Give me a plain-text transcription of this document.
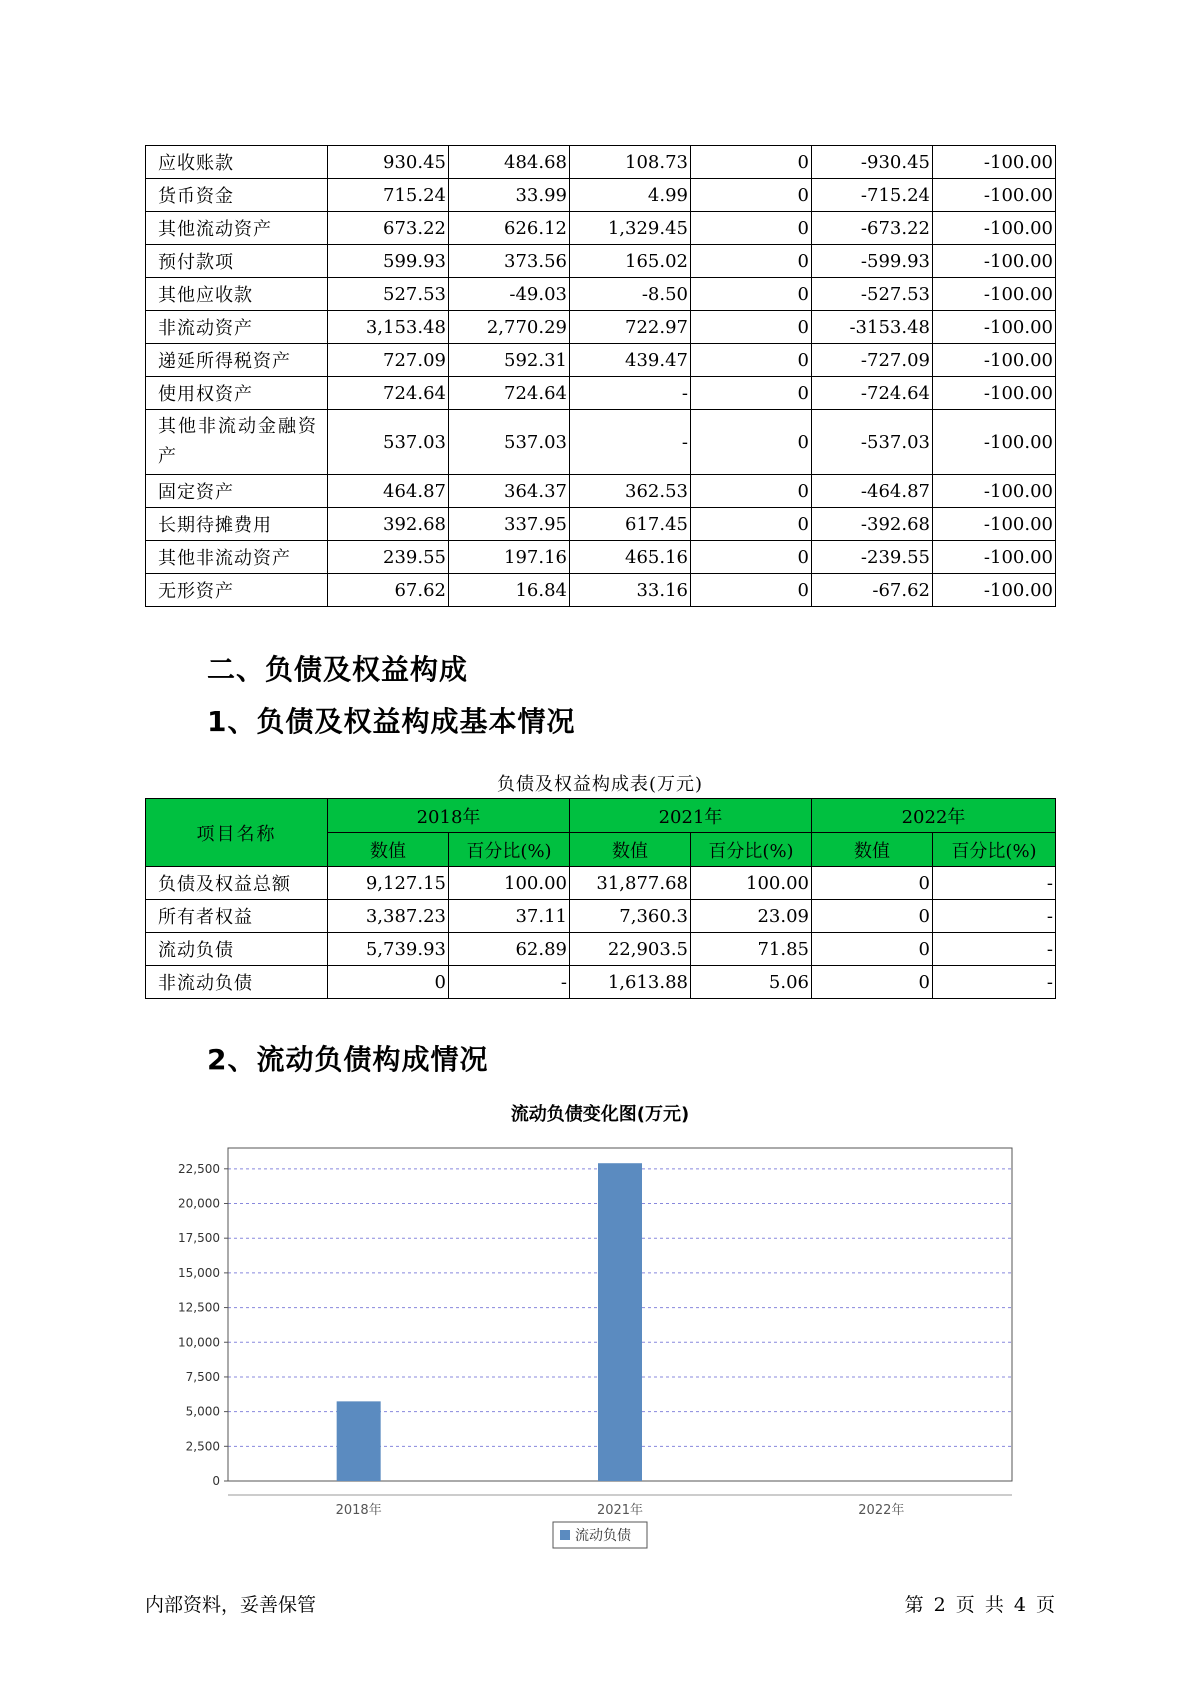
应收账款	930.45	484.68	108.73	0	-930.45	-100.00
货币资金	715.24	33.99	4.99	0	-715.24	-100.00
其他流动资产	673.22	626.12	1,329.45	0	-673.22	-100.00
预付款项	599.93	373.56	165.02	0	-599.93	-100.00
其他应收款	527.53	-49.03	-8.50	0	-527.53	-100.00
非流动资产	3,153.48	2,770.29	722.97	0	-3153.48	-100.00
递延所得税资产	727.09	592.31	439.47	0	-727.09	-100.00
使用权资产	724.64	724.64	-	0	-724.64	-100.00
其他非流动金融资产	537.03	537.03	-	0	-537.03	-100.00
固定资产	464.87	364.37	362.53	0	-464.87	-100.00
长期待摊费用	392.68	337.95	617.45	0	-392.68	-100.00
其他非流动资产	239.55	197.16	465.16	0	-239.55	-100.00
无形资产	67.62	16.84	33.16	0	-67.62	-100.00
二、负债及权益构成
1、负债及权益构成基本情况
负债及权益构成表(万元)
项目名称	2018年		2021年		2022年	
	数值	百分比(%)	数值	百分比(%)	数值	百分比(%)
负债及权益总额	9,127.15	100.00	31,877.68	100.00	0	-
所有者权益	3,387.23	37.11	7,360.3	23.09	0	-
流动负债	5,739.93	62.89	22,903.5	71.85	0	-
非流动负债	0	-	1,613.88	5.06	0	-
2、流动负债构成情况
流动负债变化图(万元)
0
2,500
5,000
7,500
10,000
12,500
15,000
17,500
20,000
22,500
2018年	2021年	2022年
流动负债
内部资料，妥善保管	第 2 页 共 4 页
